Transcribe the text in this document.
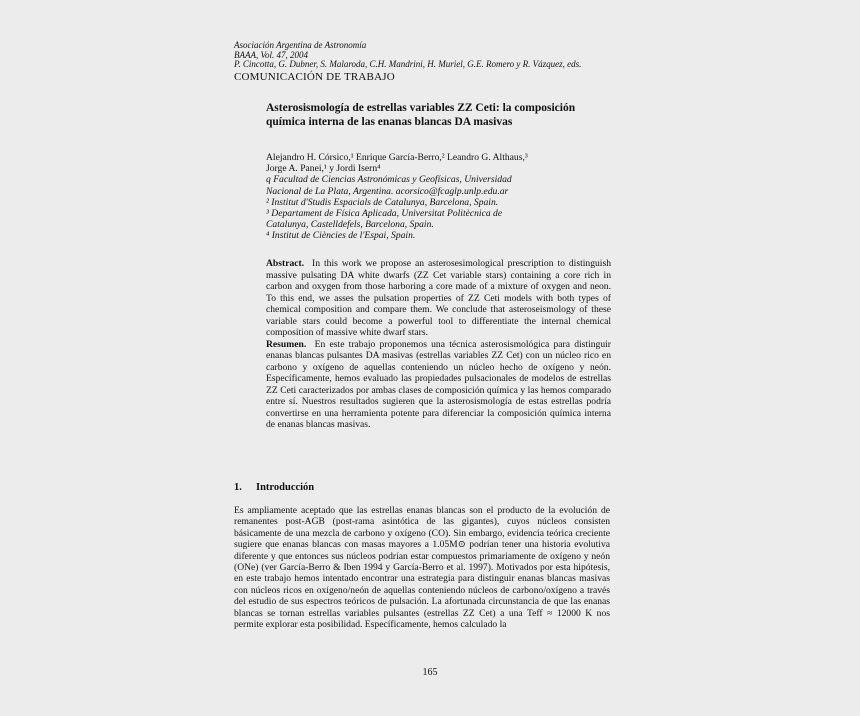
Asociación Argentina de Astronomía
BAAA, Vol. 47, 2004
P. Cincotta, G. Dubner, S. Malaroda, C.H. Mandrini, H. Muriel, G.E. Romero y R. Vázquez, eds.
COMUNICACIÓN DE TRABAJO
Asterosismología de estrellas variables ZZ Ceti: la composición química interna de las enanas blancas DA masivas
Alejandro H. Córsico,¹ Enrique García-Berro,² Leandro G. Althaus,³
Jorge A. Panei,¹ y Jordi Isern⁴
q Facultad de Ciencias Astronómicas y Geofísicas, Universidad
Nacional de La Plata, Argentina. acorsico@fcaglp.unlp.edu.ar
² Institut d'Studis Espacials de Catalunya, Barcelona, Spain.
³ Departament de Física Aplicada, Universitat Politècnica de
Catalunya, Castelldefels, Barcelona, Spain.
⁴ Institut de Ciències de l'Espai, Spain.

Abstract. In this work we propose an asterosesimological prescription to distinguish massive pulsating DA white dwarfs (ZZ Cet variable stars) containing a core rich in carbon and oxygen from those harboring a core made of a mixture of oxygen and neon. To this end, we asses the pulsation properties of ZZ Ceti models with both types of chemical composition and compare them. We conclude that asteroseismology of these variable stars could become a powerful tool to differentiate the internal chemical composition of massive white dwarf stars.

Resumen. En este trabajo proponemos una técnica asterosismológica para distinguir enanas blancas pulsantes DA masivas (estrellas variables ZZ Cet) con un núcleo rico en carbono y oxígeno de aquellas conteniendo un núcleo hecho de oxígeno y neón. Específicamente, hemos evaluado las propiedades pulsacionales de modelos de estrellas ZZ Ceti caracterizados por ambas clases de composición química y las hemos comparado entre sí. Nuestros resultados sugieren que la asterosismología de estas estrellas podría convertirse en una herramienta potente para diferenciar la composición química interna de enanas blancas masivas.

1. Introducción
Es ampliamente aceptado que las estrellas enanas blancas son el producto de la evolución de remanentes post-AGB (post-rama asintótica de las gigantes), cuyos núcleos consisten básicamente de una mezcla de carbono y oxígeno (CO). Sin embargo, evidencia teórica creciente sugiere que enanas blancas con masas mayores a 1.05M⊙ podrían tener una historia evolutiva diferente y que entonces sus núcleos podrían estar compuestos primariamente de oxígeno y neón (ONe) (ver García-Berro & Iben 1994 y García-Berro et al. 1997). Motivados por esta hipótesis, en este trabajo hemos intentado encontrar una estrategia para distinguir enanas blancas masivas con núcleos ricos en oxígeno/neón de aquellas conteniendo núcleos de carbono/oxígeno a través del estudio de sus espectros teóricos de pulsación. La afortunada circunstancia de que las enanas blancas se tornan estrellas variables pulsantes (estrellas ZZ Cet) a una Teff ≈ 12000 K nos permite explorar esta posibilidad. Específicamente, hemos calculado la
165
